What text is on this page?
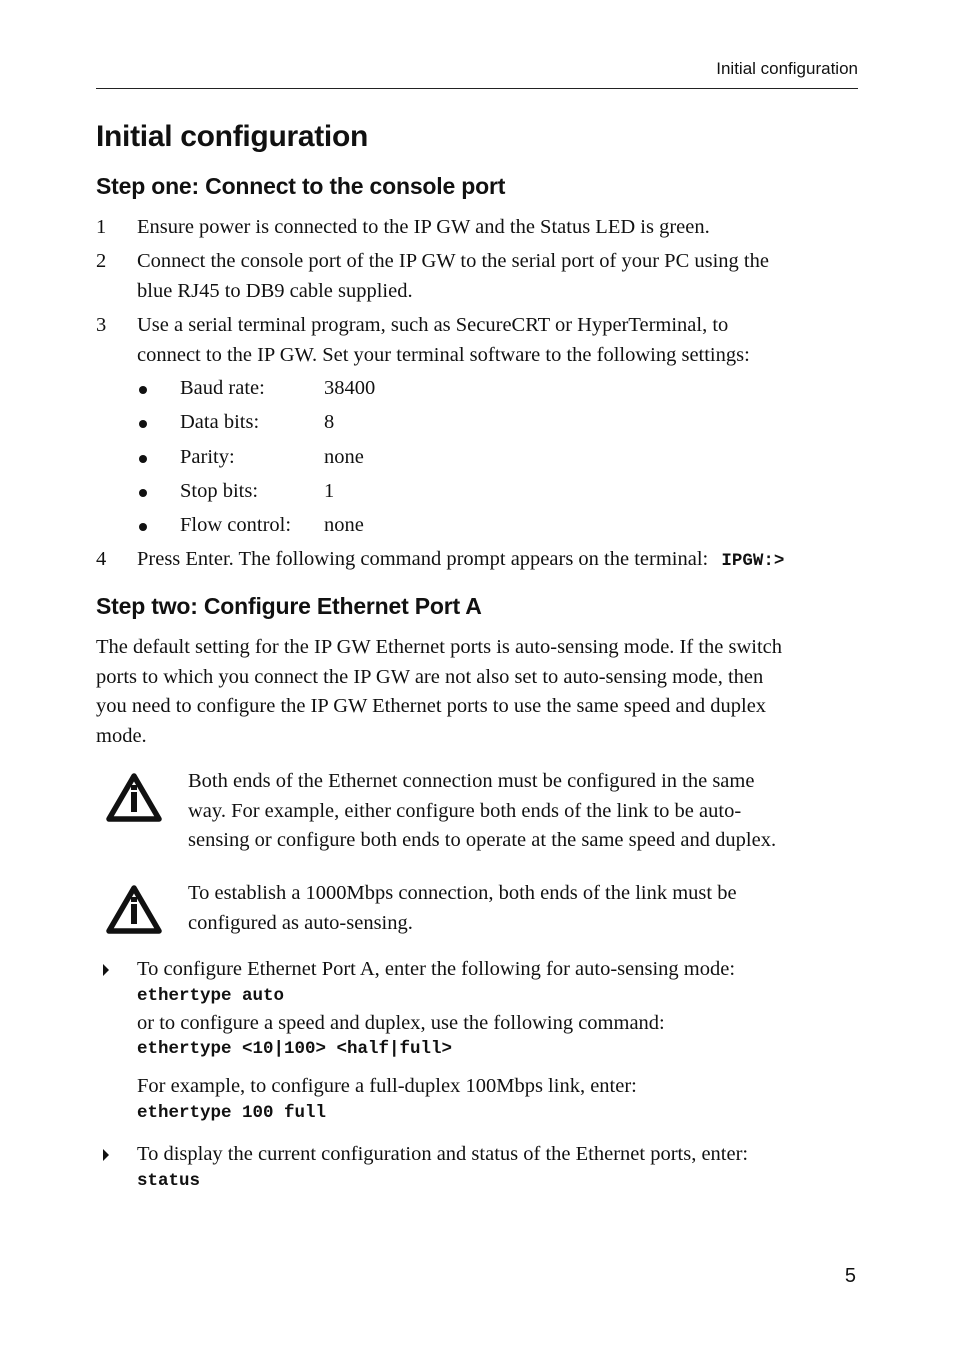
Initial configuration
Initial configuration
Step one: Connect to the console port
1 Ensure power is connected to the IP GW and the Status LED is green.
2 Connect the console port of the IP GW to the serial port of your PC using the
blue RJ45 to DB9 cable supplied.
3 Use a serial terminal program, such as SecureCRT or HyperTerminal, to
connect to the IP GW. Set your terminal software to the following settings:
Baud rate:	38400
Data bits:	8
Parity:	none
Stop bits:	1
Flow control: none
4 Press Enter. The following command prompt appears on the terminal: IPGW:>
Step two: Configure Ethernet Port A
The default setting for the IP GW Ethernet ports is auto-sensing mode. If the switch
ports to which you connect the IP GW are not also set to auto-sensing mode, then
you need to configure the IP GW Ethernet ports to use the same speed and duplex
mode.
Both ends of the Ethernet connection must be configured in the same
way. For example, either configure both ends of the link to be auto-
sensing or configure both ends to operate at the same speed and duplex.
To establish a 1000Mbps connection, both ends of the link must be
configured as auto-sensing.
To configure Ethernet Port A, enter the following for auto-sensing mode:
ethertype auto
or to configure a speed and duplex, use the following command:
ethertype <10|100> <half|full>
For example, to configure a full-duplex 100Mbps link, enter:
ethertype 100 full
To display the current configuration and status of the Ethernet ports, enter:
status
5
